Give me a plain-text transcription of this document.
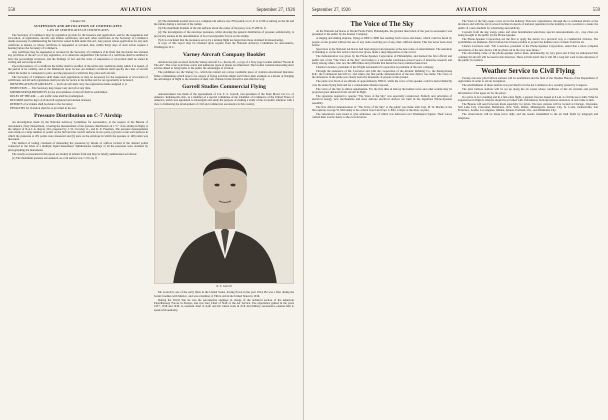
558	AVIATION	September 27, 1926
Chapter III.
SUSPENSION AND REVOCATION OF CERTIFICATES
LAW OF CERTIFICATES OF CERTIFICATES

The Secretary of Commerce may by regulation provide for the issuance and registration, and for the suspension and revocation, of registration, aircraft, and airman certificates, and such other certificates as the Secretary of Commerce deems necessary in administering the functions vested in him under this Act. Any person whose application for any such certificate is denied, or whose certificate is suspended or revoked, may within thirty days of such action request a hearing before the Secretary of Commerce.

Any certificate may be suspended or revoked by the Secretary of Commerce if he finds that the holder has violated any provision of the Act or of any regulation, or is otherwise unqualified. The holder of a certificate shall be entitled to have the proceedings reviewed, and the findings of fact and the order of suspension or revocation shall be stated in writing and served upon him.

Upon the issuance of a certificate the holder shall be notified of the terms and conditions under which it is issued, of the period of its validity, and of the limitations upon its use. An airman's certificate shall specify the class of aircraft which the holder is competent to pilot, and the purposes for which he may pilot such aircraft.

The Secretary of Commerce shall make such regulations as may be necessary for the suspension or revocation of certificates, and all such regulations shall provide for notice to the holder and for an opportunity to be heard.

IDENTIFICATION OF AIRCRAFT. — Each aircraft shall carry the registration marks assigned to it.

INSPECTION. — The Secretary may inspect any aircraft at any time.

MINIMUM REQUIREMENTS for the airworthiness of aircraft shall be established.

RULES OF THE AIR. — Air traffic rules shall be promulgated.

RECORDS shall be kept of all aircraft registered and airmen licensed.

REPORTS of accidents shall be made to the Secretary.

PENALTIES for violation shall be as provided in the Act.

Pressure Distribution on C-7 Airship

An investigation made by the National Advisory Committee for Aeronautics, at the request of the Bureau of Aeronautics, Navy Department, covering the measurement of the pressure distribution on a "C" class airship in flight, is the subject of N.A.C.A. Report 223, prepared by J. W. Crowley, Jr., and K. E. Freeman. The pressure measurements were made at a large number of points on the hull and the control surfaces in two parts, (a) tests on the well surfaces in which the pressures at 201 points were measured and (b) tests on the envelope in which the pressure at 148 points was measured.

The method of testing consisted of measuring the pressures by means of orifices located at the desired points connected to the tubes of a multiple liquid manometer. Simultaneous readings of all the pressures were obtained by photographing the manometer.

The results as presented in this report are mainly in tabular form and may be briefly summarized as follows:

(1) The maximum pressure encountered on a tail surface was 7.1 lb./sq. ft.

(2) The maximum normal force on a complete tail surface was 700 pounds at a C.P. of 0.330 occurring on the fin and the rudder during a reversal of the rudder.

(3) The maximum moment of the tail surfaces about the center of buoyancy was 37,280 lb. ft.

(4) The investigation of the envelope pressures, while showing the general distribution of pressure satisfactorily, is practically useless in the determination of local aerodynamic forces on the airship.

(5) It is concluded that the pressures set up by a turning flight are larger than those obtained in maneuvering.

A copy of this report may be obtained upon request from the National Advisory Committee for Aeronautics, Washington, D.C.

Varney Aircraft Company Booklet

Aviation has just received from the Varney Aircraft Co., Peoria, Ill., a copy of a forty page booklet entitled "Peoria In The Air". The cover is in three colors and numerous types of planes are illustrated. The booklet contains interesting short articles aimed to bring home to the public the advantages of aviation.

The publishers are the Varney Co., which has turned out a most creditable piece of aviation educational literature. Other communities which hope to be centers of flying activities might well follow their example as a means of bringing the advantages of flight to the attention of their own citizens in this attractive and effective way.

Gorrell Studies Commercial Flying

Announcement was made of the appointment of Col. E. S. Gorrell, vice-president of the Stutz Motor Car Co. of America, Indianapolis, Ind., as a member of a special committee of the Chamber of Commerce of the United States of America, which was appointed to investigate and study the purpose of making a study of the economic situation with a view to furthering the development of civil and commercial aeronautics in this country.

E. S. Gorrell

Mr. Gorrell is one of the early fliers in the United States, having flown in the year 1914. He was a flier during the border troubles with Mexico, and was a member of Villa's raid in the United States in 1916.

During the World War he was the aeronautical engineer in charge of the technical section of the American Expeditionary Forces in Europe, and was later Chief of Staff of the Air Service. The experience gained in the years 1917, 1918 and 1919, as assistant chief of staff, and his varied work in civil and military aeronautics, enables him to speak with authority.

September 27, 1926	AVIATION	559
The Voice of The Sky

At the National Air Races at Model Farms Field, Philadelphia, the greatest innovation of the year in aeronautics was presented to the public by the Kreiser Company.

A singing and talking airplane, flying at 2000 to 3000 feet sending forth voices and music, which could be heard by people on the ground without the use of any radio receiving set of any other artificial means. This has never been done before.

Spectators at the National Air Races had been enjoyed and pleasure at the new tones of entertainment. The sensation of listening to on the first aerial concert ever given, made a deep impression on the crowd.

The demonstration was given by the Phone-Speaker Corporation of Philadelphia, and marked the first official and public test of the "The Voice of the Sky" and brings to a successful conclusion several years of intensive research and study among others, who saw the difficulties and problems that heretofore have remained unsolved.

Charles Lawrence, president of the Wright Aeronautical Corporation is president of the new company.

Through the assistance of Mr. Lawrence and with the cooperation of the Atlantic Refining Co., the Pennsylvania R.R., the Continental Aircraft Co. and others, the first public demonstration of the new device was made. The voice of the announcer in the plane was clearly heard by thousands of people on the ground.

The plane was flown at an altitude of approximately 3000 ft. while the voice of the speaker could be heard distinctly over the entire flying field and for a considerable distance beyond.

The voice of the Sky is almost superhuman. For the first time in history the human voice and other sounds may be projected great distances from aircraft in flight.

The apparatus required to operate "The Voice of the Sky" was especially constructed. Entirely new principles of electrical energy, new mechanisms and most delicate electrical devices are built in the ingenious Phone-Speaker assembly.

The first official demonstration of "The Voice of the Sky" to the public was made with Capt. H. W. Mackie at the microphone, George W. McCauley at the control board and Capt. C.B.D. Collyer at the stick, as pilot.

The announcers were heard to give addresses, one of which was delivered over Washington Square. Their voices carried their words clearly to the crowds below.

The Voice of the Sky opens a new era in the industry. This new organization, through the co-ordinated efforts of the inventors and with the aid of several technical experts of national reputation in the industry, is in a position to assure the public of a new medium for advertising and publicity.

Concerts from the sky, songs, piano and other instrumental selections, special announcements, etc., over cities are being brought to the public by the Phone-Speaker.

The Phone-Speaker Corporation are the first to apply the device in a practical way to commercial aviation. The possibilities are immense. Never before has it been possible to project the human voice or music from the air.

Charles Lawrence said: "Mr. Lawrence, president of the Phone-Speaker Corporation, stated that a more complete description of the new device will be given out in the very near future."

The advertising value of the phone-speaker device must, undoubtedly, be very great and it may be anticipated that commercial aircraft will be used in this direction. There is little doubt that it will fill a long felt want in the education of the public in aviation.

Weather Service to Civil Flying

Twenty-one new pilot balloon stations will be established and the field of the Weather Bureau of the Department of Agriculture in order to aid air navigation.

The establishment of these stations was provided for in the Air Commerce Act, recently passed by Congress.

The pilot balloon stations will be set up along the air routes where conditions of the air currents and provide information of the upper air for the pilots.

In a place is not a landing and in a first-class flight, a general forecast issued at 6 a.m. is of little use to him. What he experiences in flight is what he should be provided with. Information from the balloon stations is of real value to him.

The Bureau will send forecasts made especially for pilots. The new stations will be located at Chicago, Cheyenne, Salt Lake City, Cleveland, Bellefonte, New York, Dallas, Minneapolis, Kansas City, St. Louis, Jacksonville, San Francisco, Seattle, Los Angeles, Omaha, Atlanta, Portland, Ore., and Oklahoma City.

The observations will be made twice daily, and the results transmitted to the air mail fields by telegraph and telephone.
